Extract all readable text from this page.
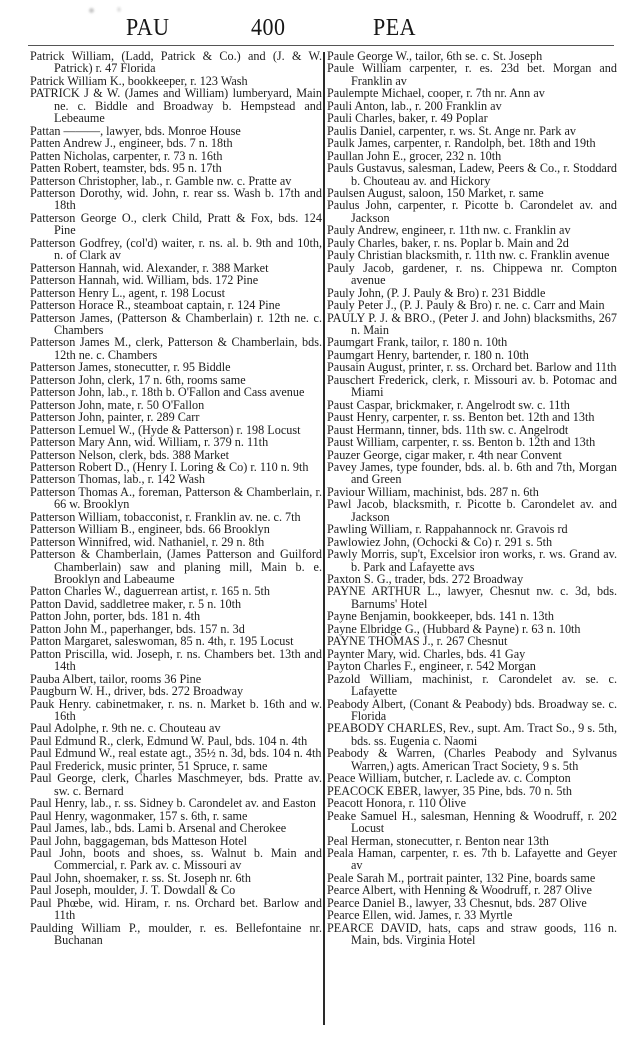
PAU	400	PEA

Patrick William, (Ladd, Patrick & Co.) and (J. & W. Patrick) r. 47 Florida

Patrick William K., bookkeeper, r. 123 Wash

PATRICK J & W. (James and William) lumberyard, Main ne. c. Biddle and Broadway b. Hempstead and Lebeaume

Pattan ———, lawyer, bds. Monroe House

Patten Andrew J., engineer, bds. 7 n. 18th

Patten Nicholas, carpenter, r. 73 n. 16th

Patten Robert, teamster, bds. 95 n. 17th

Patterson Christopher, lab., r. Gamble nw. c. Pratte av

Patterson Dorothy, wid. John, r. rear ss. Wash b. 17th and 18th

Patterson George O., clerk Child, Pratt & Fox, bds. 124 Pine

Patterson Godfrey, (col'd) waiter, r. ns. al. b. 9th and 10th, n. of Clark av

Patterson Hannah, wid. Alexander, r. 388 Market

Patterson Hannah, wid. William, bds. 172 Pine

Patterson Henry L., agent, r. 198 Locust

Patterson Horace R., steamboat captain, r. 124 Pine

Patterson James, (Patterson & Chamberlain) r. 12th ne. c. Chambers

Patterson James M., clerk, Patterson & Chamberlain, bds. 12th ne. c. Chambers

Patterson James, stonecutter, r. 95 Biddle

Patterson John, clerk, 17 n. 6th, rooms same

Patterson John, lab., r. 18th b. O'Fallon and Cass avenue

Patterson John, mate, r. 50 O'Fallon

Patterson John, painter, r. 289 Carr

Patterson Lemuel W., (Hyde & Patterson) r. 198 Locust

Patterson Mary Ann, wid. William, r. 379 n. 11th

Patterson Nelson, clerk, bds. 388 Market

Patterson Robert D., (Henry I. Loring & Co) r. 110 n. 9th

Patterson Thomas, lab., r. 142 Wash

Patterson Thomas A., foreman, Patterson & Chamberlain, r. 66 w. Brooklyn

Patterson William, tobacconist, r. Franklin av. ne. c. 7th

Patterson William B., engineer, bds. 66 Brooklyn

Patterson Winnifred, wid. Nathaniel, r. 29 n. 8th

Patterson & Chamberlain, (James Patterson and Guilford Chamberlain) saw and planing mill, Main b. e. Brooklyn and Labeaume

Patton Charles W., daguerrean artist, r. 165 n. 5th

Patton David, saddletree maker, r. 5 n. 10th

Patton John, porter, bds. 181 n. 4th

Patton John M., paperhanger, bds. 157 n. 3d

Patton Margaret, saleswoman, 85 n. 4th, r. 195 Locust

Patton Priscilla, wid. Joseph, r. ns. Chambers bet. 13th and 14th

Pauba Albert, tailor, rooms 36 Pine

Paugburn W. H., driver, bds. 272 Broadway

Pauk Henry. cabinetmaker, r. ns. n. Market b. 16th and w. 16th

Paul Adolphe, r. 9th ne. c. Chouteau av

Paul Edmund R., clerk, Edmund W. Paul, bds. 104 n. 4th

Paul Edmund W., real estate agt., 35½ n. 3d, bds. 104 n. 4th

Paul Frederick, music printer, 51 Spruce, r. same

Paul George, clerk, Charles Maschmeyer, bds. Pratte av. sw. c. Bernard

Paul Henry, lab., r. ss. Sidney b. Carondelet av. and Easton

Paul Henry, wagonmaker, 157 s. 6th, r. same

Paul James, lab., bds. Lami b. Arsenal and Cherokee

Paul John, baggageman, bds Matteson Hotel

Paul John, boots and shoes, ss. Walnut b. Main and Commercial, r. Park av. c. Missouri av

Paul John, shoemaker, r. ss. St. Joseph nr. 6th

Paul Joseph, moulder, J. T. Dowdall & Co

Paul Phœbe, wid. Hiram, r. ns. Orchard bet. Barlow and 11th

Paulding William P., moulder, r. es. Bellefontaine nr. Buchanan

Paule George W., tailor, 6th se. c. St. Joseph

Paule William carpenter, r. es. 23d bet. Morgan and Franklin av

Paulempte Michael, cooper, r. 7th nr. Ann av

Pauli Anton, lab., r. 200 Franklin av

Pauli Charles, baker, r. 49 Poplar

Paulis Daniel, carpenter, r. ws. St. Ange nr. Park av

Paulk James, carpenter, r. Randolph, bet. 18th and 19th

Paullan John E., grocer, 232 n. 10th

Pauls Gustavus, salesman, Ladew, Peers & Co., r. Stoddard b. Chouteau av. and Hickory

Paulsen August, saloon, 150 Market, r. same

Paulus John, carpenter, r. Picotte b. Carondelet av. and Jackson

Pauly Andrew, engineer, r. 11th nw. c. Franklin av

Pauly Charles, baker, r. ns. Poplar b. Main and 2d

Pauly Christian blacksmith, r. 11th nw. c. Franklin avenue

Pauly Jacob, gardener, r. ns. Chippewa nr. Compton avenue

Pauly John, (P. J. Pauly & Bro) r. 231 Biddle

Pauly Peter J., (P. J. Pauly & Bro) r. ne. c. Carr and Main

PAULY P. J. & BRO., (Peter J. and John) blacksmiths, 267 n. Main

Paumgart Frank, tailor, r. 180 n. 10th

Paumgart Henry, bartender, r. 180 n. 10th

Pausain August, printer, r. ss. Orchard bet. Barlow and 11th

Pauschert Frederick, clerk, r. Missouri av. b. Potomac and Miami

Paust Caspar, brickmaker, r. Angelrodt sw. c. 11th

Paust Henry, carpenter, r. ss. Benton bet. 12th and 13th

Paust Hermann, tinner, bds. 11th sw. c. Angelrodt

Paust William, carpenter, r. ss. Benton b. 12th and 13th

Pauzer George, cigar maker, r. 4th near Convent

Pavey James, type founder, bds. al. b. 6th and 7th, Morgan and Green

Paviour William, machinist, bds. 287 n. 6th

Pawl Jacob, blacksmith, r. Picotte b. Carondelet av. and Jackson

Pawling William, r. Rappahannock nr. Gravois rd

Pawlowiez John, (Ochocki & Co) r. 291 s. 5th

Pawly Morris, sup't, Excelsior iron works, r. ws. Grand av. b. Park and Lafayette avs

Paxton S. G., trader, bds. 272 Broadway

PAYNE ARTHUR L., lawyer, Chesnut nw. c. 3d, bds. Barnums' Hotel

Payne Benjamin, bookkeeper, bds. 141 n. 13th

Payne Elbridge G., (Hubbard & Payne) r. 63 n. 10th

PAYNE THOMAS J., r. 267 Chesnut

Paynter Mary, wid. Charles, bds. 41 Gay

Payton Charles F., engineer, r. 542 Morgan

Pazold William, machinist, r. Carondelet av. se. c. Lafayette

Peabody Albert, (Conant & Peabody) bds. Broadway se. c. Florida

PEABODY CHARLES, Rev., supt. Am. Tract So., 9 s. 5th, bds. ss. Eugenia c. Naomi

Peabody & Warren, (Charles Peabody and Sylvanus Warren,) agts. American Tract Society, 9 s. 5th

Peace William, butcher, r. Laclede av. c. Compton

PEACOCK EBER, lawyer, 35 Pine, bds. 70 n. 5th

Peacott Honora, r. 110 Olive

Peake Samuel H., salesman, Henning & Woodruff, r. 202 Locust

Peal Herman, stonecutter, r. Benton near 13th

Peala Haman, carpenter, r. es. 7th b. Lafayette and Geyer av

Peale Sarah M., portrait painter, 132 Pine, boards same

Pearce Albert, with Henning & Woodruff, r. 287 Olive

Pearce Daniel B., lawyer, 33 Chesnut, bds. 287 Olive

Pearce Ellen, wid. James, r. 33 Myrtle

PEARCE DAVID, hats, caps and straw goods, 116 n. Main, bds. Virginia Hotel
